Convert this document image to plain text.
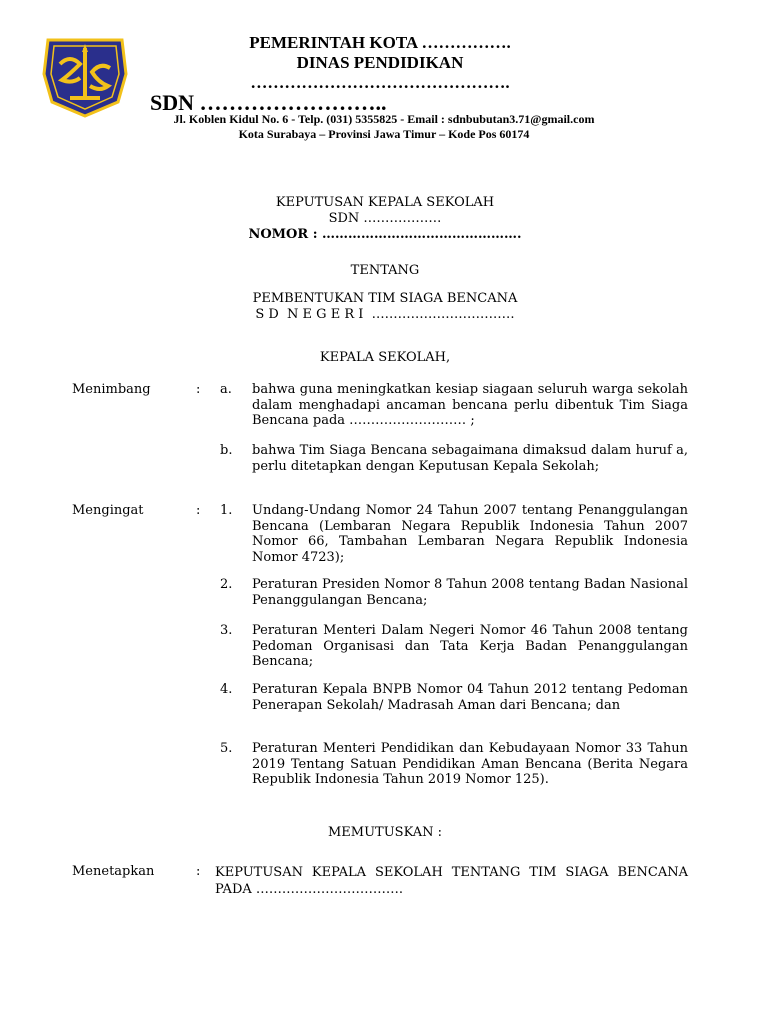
PEMERINTAH KOTA …………….
DINAS PENDIDIKAN
……………………………………….
SDN ……………………..
Jl. Koblen Kidul No. 6 - Telp. (031) 5355825 - Email : sdnbubutan3.71@gmail.com
Kota Surabaya – Provinsi Jawa Timur – Kode Pos 60174
KEPUTUSAN KEPALA SEKOLAH
SDN ………………
NOMOR : ……………………………………….
TENTANG
PEMBENTUKAN TIM SIAGA BENCANA
S D  N E G E R I  ……………………………
KEPALA SEKOLAH,
Menimbang	: a. bahwa guna meningkatkan kesiap siagaan seluruh warga sekolah dalam menghadapi ancaman bencana perlu dibentuk Tim Siaga Bencana pada ……………………… ;
b. bahwa Tim Siaga Bencana sebagaimana dimaksud dalam huruf a, perlu ditetapkan dengan Keputusan Kepala Sekolah;
Mengingat	: 1. Undang-Undang Nomor 24 Tahun 2007 tentang Penanggulangan Bencana (Lembaran Negara Republik Indonesia Tahun 2007 Nomor 66, Tambahan Lembaran Negara Republik Indonesia Nomor 4723);
2. Peraturan Presiden Nomor 8 Tahun 2008 tentang Badan Nasional Penanggulangan Bencana;
3. Peraturan Menteri Dalam Negeri Nomor 46 Tahun 2008 tentang Pedoman Organisasi dan Tata Kerja Badan Penanggulangan Bencana;
4. Peraturan Kepala BNPB Nomor 04 Tahun 2012 tentang Pedoman Penerapan Sekolah/ Madrasah Aman dari Bencana; dan
5. Peraturan Menteri Pendidikan dan Kebudayaan Nomor 33 Tahun 2019 Tentang Satuan Pendidikan Aman Bencana (Berita Negara Republik Indonesia Tahun 2019 Nomor 125).
MEMUTUSKAN :
Menetapkan	: KEPUTUSAN KEPALA SEKOLAH TENTANG TIM SIAGA BENCANA PADA …………………………….
